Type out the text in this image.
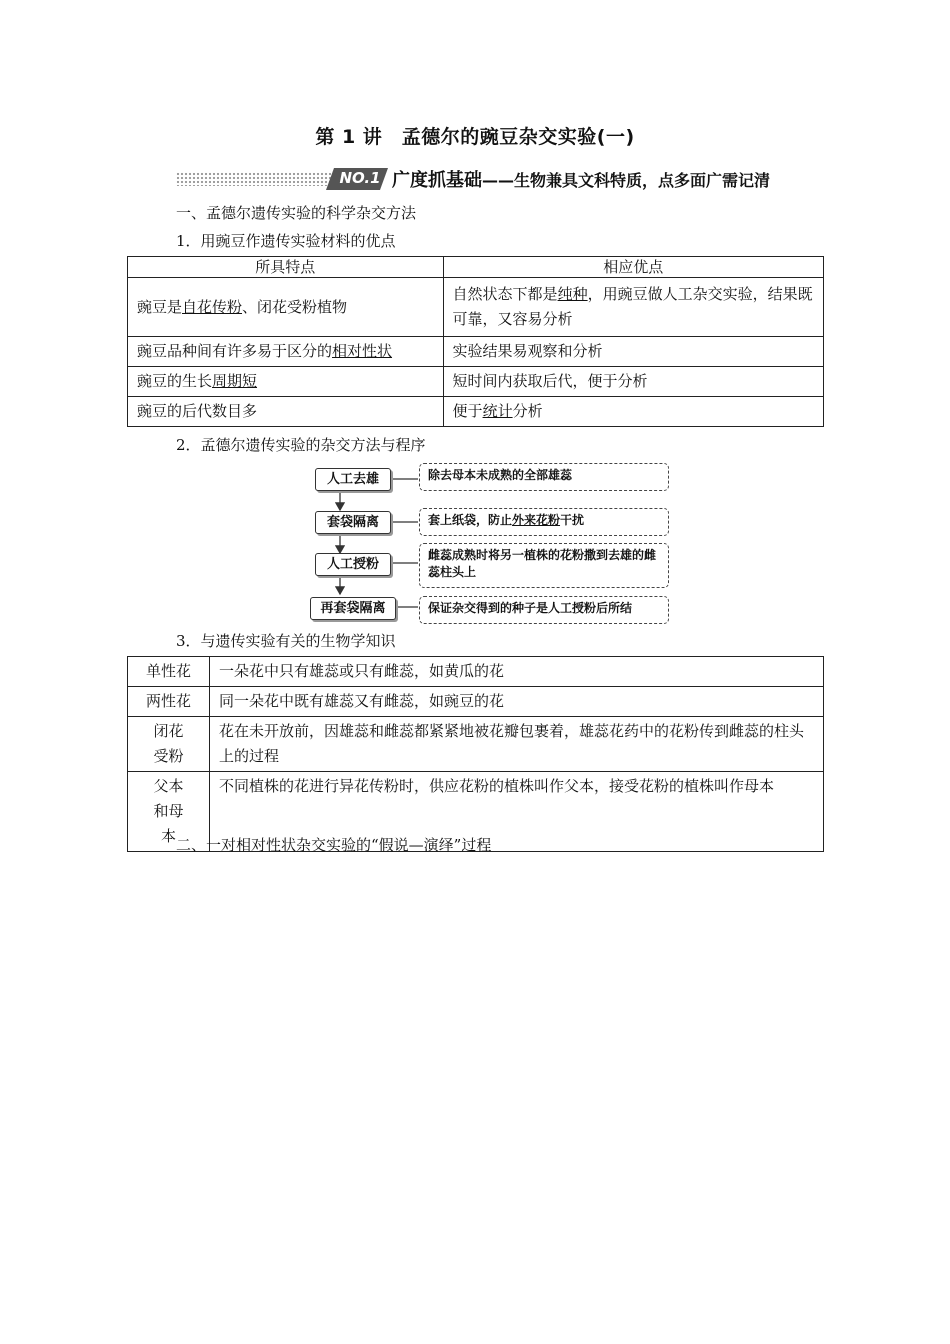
第 1 讲　孟德尔的豌豆杂交实验(一)
NO.1 广度抓基础——生物兼具文科特质，点多面广需记清
一、孟德尔遗传实验的科学杂交方法
1．用豌豆作遗传实验材料的优点
所具特点	相应优点
豌豆是自花传粉、闭花受粉植物	自然状态下都是纯种，用豌豆做人工杂交实验，结果既可靠，又容易分析
豌豆品种间有许多易于区分的相对性状	实验结果易观察和分析
豌豆的生长周期短	短时间内获取后代，便于分析
豌豆的后代数目多	便于统计分析
2．孟德尔遗传实验的杂交方法与程序
人工去雄
套袋隔离
人工授粉
再套袋隔离
除去母本未成熟的全部雄蕊
套上纸袋，防止外来花粉干扰
雌蕊成熟时将另一植株的花粉撒到去雄的雌蕊柱头上
保证杂交得到的种子是人工授粉后所结
3．与遗传实验有关的生物学知识
单性花	一朵花中只有雄蕊或只有雌蕊，如黄瓜的花
两性花	同一朵花中既有雄蕊又有雌蕊，如豌豆的花
闭花受粉	花在未开放前，因雄蕊和雌蕊都紧紧地被花瓣包裹着，雄蕊花药中的花粉传到雌蕊的柱头上的过程
父本和母本	不同植株的花进行异花传粉时，供应花粉的植株叫作父本，接受花粉的植株叫作母本
二、一对相对性状杂交实验的“假说—演绎”过程
